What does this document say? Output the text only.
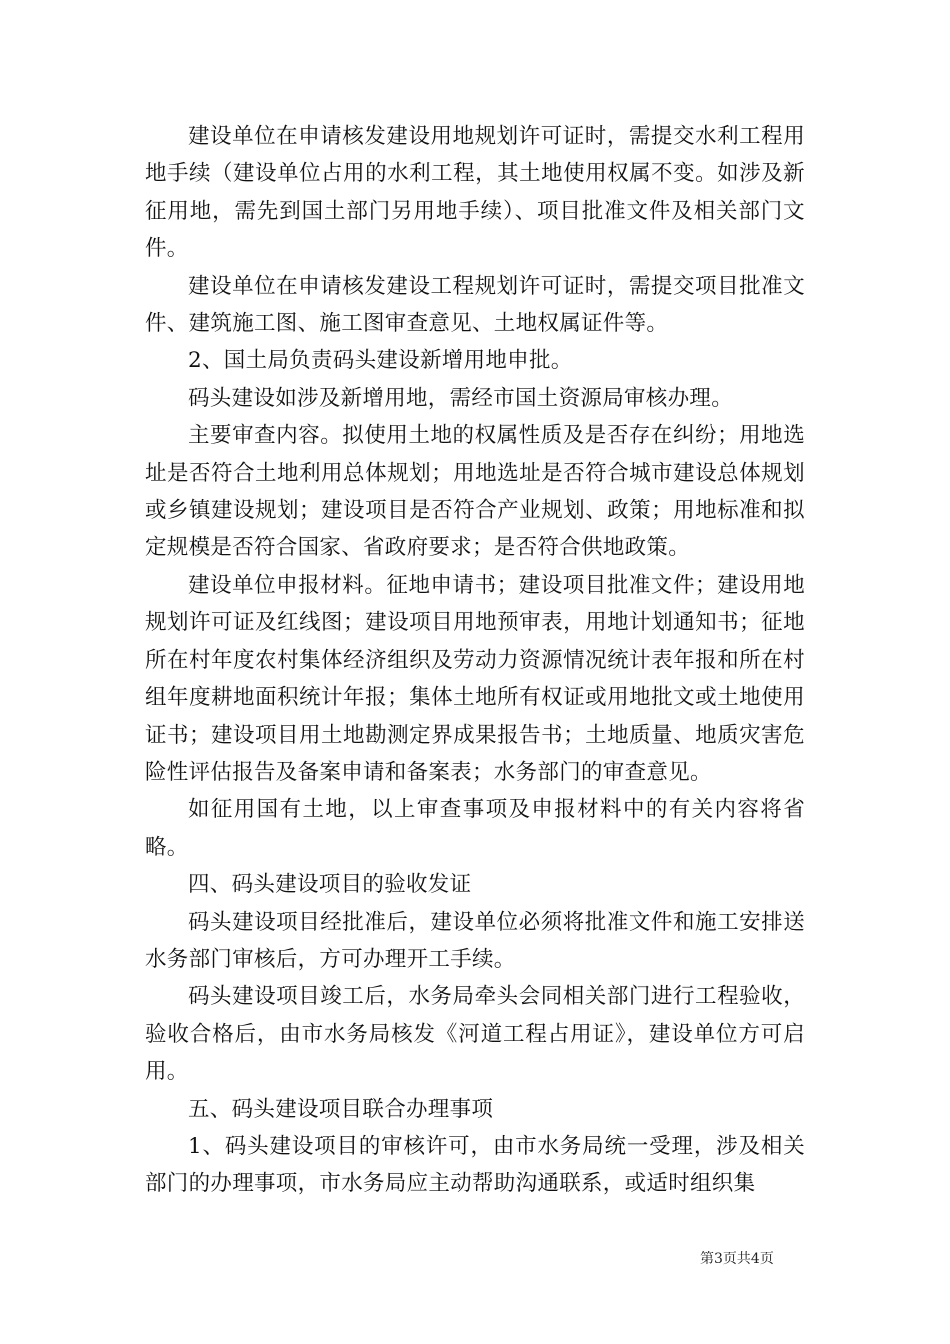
建设单位在申请核发建设用地规划许可证时，需提交水利工程用地手续（建设单位占用的水利工程，其土地使用权属不变。如涉及新征用地，需先到国土部门另用地手续）、项目批准文件及相关部门文件。

建设单位在申请核发建设工程规划许可证时，需提交项目批准文件、建筑施工图、施工图审查意见、土地权属证件等。

2、国土局负责码头建设新增用地申批。

码头建设如涉及新增用地，需经市国土资源局审核办理。

主要审查内容。拟使用土地的权属性质及是否存在纠纷；用地选址是否符合土地利用总体规划；用地选址是否符合城市建设总体规划或乡镇建设规划；建设项目是否符合产业规划、政策；用地标准和拟定规模是否符合国家、省政府要求；是否符合供地政策。

建设单位申报材料。征地申请书；建设项目批准文件；建设用地规划许可证及红线图；建设项目用地预审表，用地计划通知书；征地所在村年度农村集体经济组织及劳动力资源情况统计表年报和所在村组年度耕地面积统计年报；集体土地所有权证或用地批文或土地使用证书；建设项目用土地勘测定界成果报告书；土地质量、地质灾害危险性评估报告及备案申请和备案表；水务部门的审查意见。

如征用国有土地，以上审查事项及申报材料中的有关内容将省略。

四、码头建设项目的验收发证

码头建设项目经批准后，建设单位必须将批准文件和施工安排送水务部门审核后，方可办理开工手续。

码头建设项目竣工后，水务局牵头会同相关部门进行工程验收，验收合格后，由市水务局核发《河道工程占用证》，建设单位方可启用。

五、码头建设项目联合办理事项

1、码头建设项目的审核许可，由市水务局统一受理，涉及相关部门的办理事项，市水务局应主动帮助沟通联系，或适时组织集

第3页共4页
